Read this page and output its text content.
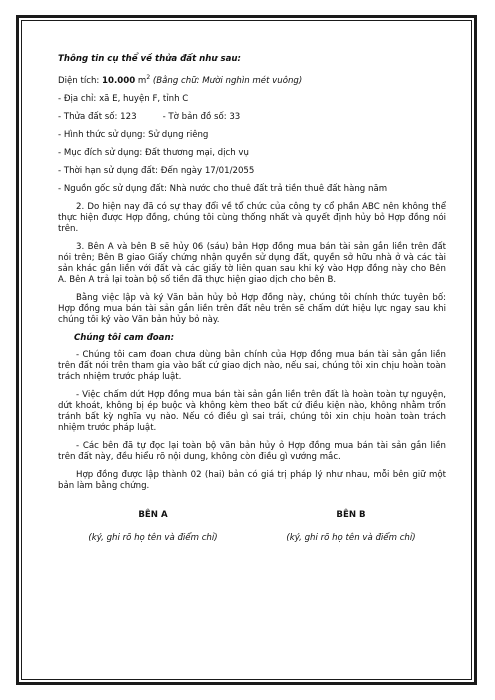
Thông tin cụ thể về thửa đất như sau:
Diện tích: 10.000 $m^2$ (Bằng chữ: Mười nghìn mét vuông)
- Địa chỉ: xã E, huyện F, tỉnh C
- Thửa đất số: 123	- Tờ bản đồ số: 33
- Hình thức sử dụng: Sử dụng riêng
- Mục đích sử dụng: Đất thương mại, dịch vụ
- Thời hạn sử dụng đất: Đến ngày 17/01/2055
- Nguồn gốc sử dụng đất: Nhà nước cho thuê đất trả tiền thuê đất hàng năm

2. Do hiện nay đã có sự thay đổi về tổ chức của công ty cổ phần ABC nên không thể thực hiện được Hợp đồng, chúng tôi cùng thống nhất và quyết định hủy bỏ Hợp đồng nói trên.

3. Bên A và bên B sẽ hủy 06 (sáu) bản Hợp đồng mua bán tài sản gắn liền trên đất nói trên; Bên B giao Giấy chứng nhận quyền sử dụng đất, quyền sở hữu nhà ở và các tài sản khác gắn liền với đất và các giấy tờ liên quan sau khi ký vào Hợp đồng này cho Bên A. Bên A trả lại toàn bộ số tiền đã thực hiện giao dịch cho bên B.

Bằng việc lập và ký Văn bản hủy bỏ Hợp đồng này, chúng tôi chính thức tuyên bố: Hợp đồng mua bán tài sản gắn liền trên đất nêu trên sẽ chấm dứt hiệu lực ngay sau khi chúng tôi ký vào Văn bản hủy bỏ này.

Chúng tôi cam đoan:

- Chúng tôi cam đoan chưa dùng bản chính của Hợp đồng mua bán tài sản gắn liền trên đất nói trên tham gia vào bất cứ giao dịch nào, nếu sai, chúng tôi xin chịu hoàn toàn trách nhiệm trước pháp luật.

- Việc chấm dứt Hợp đồng mua bán tài sản gắn liền trên đất là hoàn toàn tự nguyện, dứt khoát, không bị ép buộc và không kèm theo bất cứ điều kiện nào, không nhằm trốn tránh bất kỳ nghĩa vụ nào. Nếu có điều gì sai trái, chúng tôi xin chịu hoàn toàn trách nhiệm trước pháp luật.

- Các bên đã tự đọc lại toàn bộ văn bản hủy ỏ Hợp đồng mua bán tài sản gắn liền trên đất này, đều hiểu rõ nội dung, không còn điều gì vướng mắc.

Hợp đồng được lập thành 02 (hai) bản có giá trị pháp lý như nhau, mỗi bên giữ một bản làm bằng chứng.

BÊN A
(ký, ghi rõ họ tên và điểm chỉ)
BÊN B
(ký, ghi rõ họ tên và điểm chỉ)
